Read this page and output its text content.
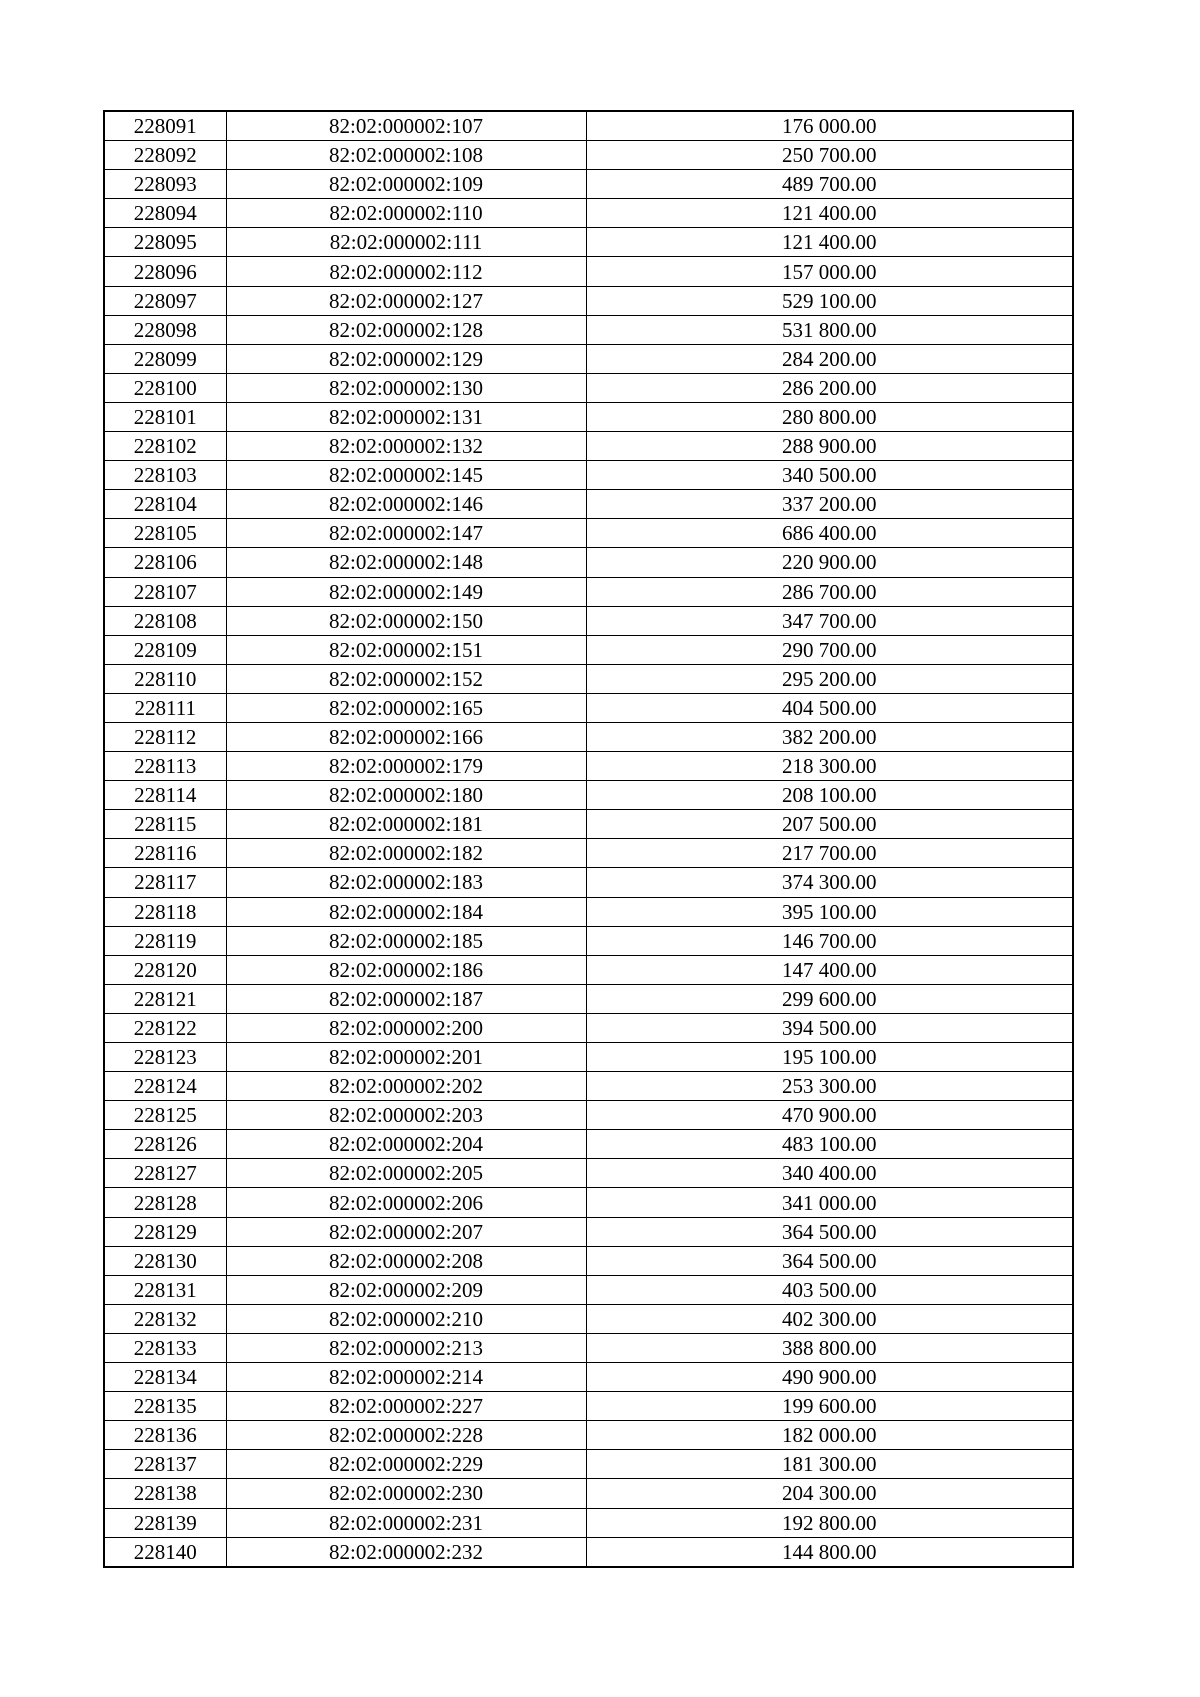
228091	82:02:000002:107	176 000.00
228092	82:02:000002:108	250 700.00
228093	82:02:000002:109	489 700.00
228094	82:02:000002:110	121 400.00
228095	82:02:000002:111	121 400.00
228096	82:02:000002:112	157 000.00
228097	82:02:000002:127	529 100.00
228098	82:02:000002:128	531 800.00
228099	82:02:000002:129	284 200.00
228100	82:02:000002:130	286 200.00
228101	82:02:000002:131	280 800.00
228102	82:02:000002:132	288 900.00
228103	82:02:000002:145	340 500.00
228104	82:02:000002:146	337 200.00
228105	82:02:000002:147	686 400.00
228106	82:02:000002:148	220 900.00
228107	82:02:000002:149	286 700.00
228108	82:02:000002:150	347 700.00
228109	82:02:000002:151	290 700.00
228110	82:02:000002:152	295 200.00
228111	82:02:000002:165	404 500.00
228112	82:02:000002:166	382 200.00
228113	82:02:000002:179	218 300.00
228114	82:02:000002:180	208 100.00
228115	82:02:000002:181	207 500.00
228116	82:02:000002:182	217 700.00
228117	82:02:000002:183	374 300.00
228118	82:02:000002:184	395 100.00
228119	82:02:000002:185	146 700.00
228120	82:02:000002:186	147 400.00
228121	82:02:000002:187	299 600.00
228122	82:02:000002:200	394 500.00
228123	82:02:000002:201	195 100.00
228124	82:02:000002:202	253 300.00
228125	82:02:000002:203	470 900.00
228126	82:02:000002:204	483 100.00
228127	82:02:000002:205	340 400.00
228128	82:02:000002:206	341 000.00
228129	82:02:000002:207	364 500.00
228130	82:02:000002:208	364 500.00
228131	82:02:000002:209	403 500.00
228132	82:02:000002:210	402 300.00
228133	82:02:000002:213	388 800.00
228134	82:02:000002:214	490 900.00
228135	82:02:000002:227	199 600.00
228136	82:02:000002:228	182 000.00
228137	82:02:000002:229	181 300.00
228138	82:02:000002:230	204 300.00
228139	82:02:000002:231	192 800.00
228140	82:02:000002:232	144 800.00
